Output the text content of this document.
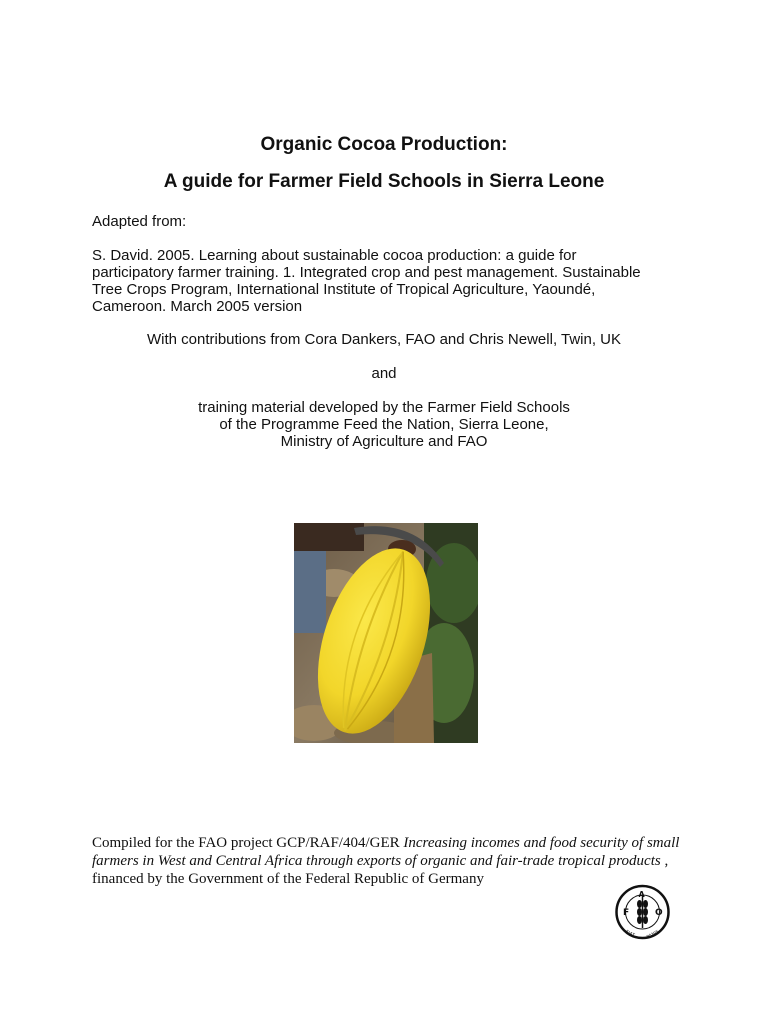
Organic Cocoa Production:
A guide for Farmer Field Schools in Sierra Leone

Adapted from:

S. David. 2005. Learning about sustainable cocoa production: a guide for
participatory farmer training. 1. Integrated crop and pest management. Sustainable
Tree Crops Program, International Institute of Tropical Agriculture, Yaoundé,
Cameroon. March 2005 version

With contributions from Cora Dankers, FAO and Chris Newell, Twin, UK

and

training material developed by the Farmer Field Schools
of the Programme Feed the Nation, Sierra Leone,
Ministry of Agriculture and FAO

Compiled for the FAO project GCP/RAF/404/GER Increasing incomes and food security of small farmers in West and Central Africa through exports of organic and fair-trade tropical products , financed by the Government of the Federal Republic of Germany

F
A
O
FIAT PANIS
